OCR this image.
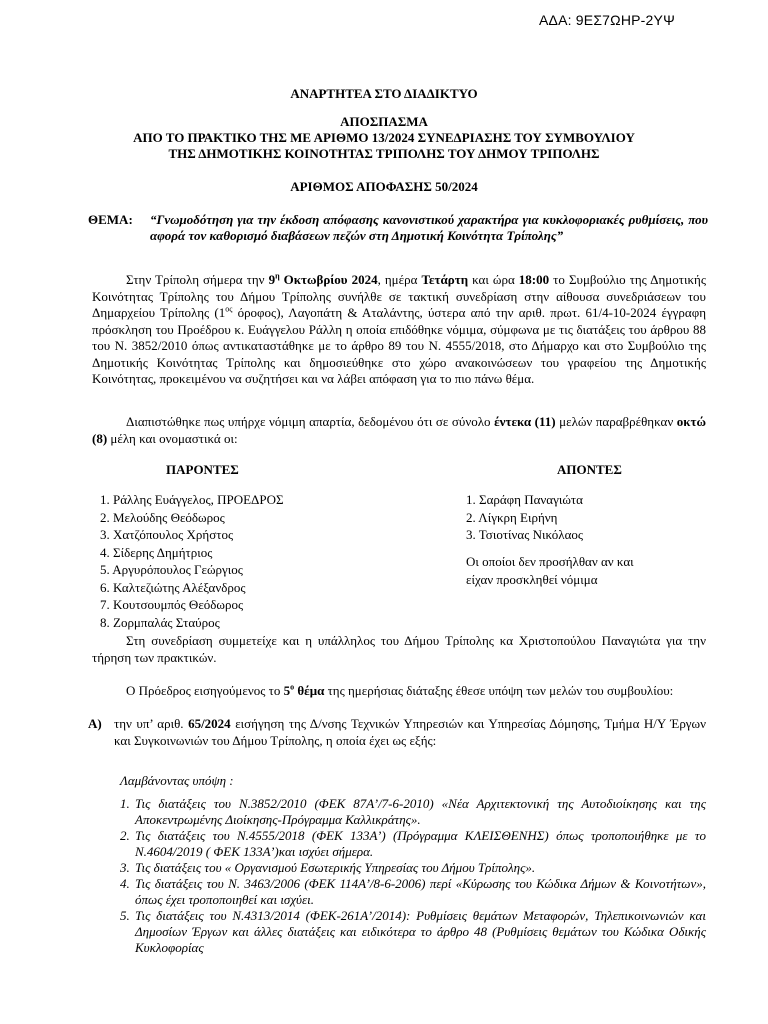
ΑΔΑ: 9ΕΣ7ΩΗΡ-2ΥΨ
ΑΝΑΡΤΗΤΕΑ ΣΤΟ ΔΙΑΔΙΚΤΥΟ
ΑΠΟΣΠΑΣΜΑ
ΑΠΟ ΤΟ ΠΡΑΚΤΙΚΟ ΤΗΣ ΜΕ ΑΡΙΘΜΟ 13/2024 ΣΥΝΕΔΡΙΑΣΗΣ ΤΟΥ ΣΥΜΒΟΥΛΙΟΥ
ΤΗΣ ΔΗΜΟΤΙΚΗΣ ΚΟΙΝΟΤΗΤΑΣ ΤΡΙΠΟΛΗΣ ΤΟΥ ΔΗΜΟΥ ΤΡΙΠΟΛΗΣ
ΑΡΙΘΜΟΣ ΑΠΟΦΑΣΗΣ 50/2024
ΘΕΜΑ: “Γνωμοδότηση για την έκδοση απόφασης κανονιστικού χαρακτήρα για κυκλοφοριακές ρυθμίσεις, που αφορά τον καθορισμό διαβάσεων πεζών στη Δημοτική Κοινότητα Τρίπολης”
Στην Τρίπολη σήμερα την $9^\eta$ Οκτωβρίου 2024, ημέρα Τετάρτη και ώρα 18:00 το Συμβούλιο της Δημοτικής Κοινότητας Τρίπολης του Δήμου Τρίπολης συνήλθε σε τακτική συνεδρίαση στην αίθουσα συνεδριάσεων του Δημαρχείου Τρίπολης ($1^{o\varsigma}$ όροφος), Λαγοπάτη & Αταλάντης, ύστερα από την αριθ. πρωτ. 61/4-10-2024 έγγραφη πρόσκληση του Προέδρου κ. Ευάγγελου Ράλλη η οποία επιδόθηκε νόμιμα, σύμφωνα με τις διατάξεις του άρθρου 88 του Ν. 3852/2010 όπως αντικαταστάθηκε με το άρθρο 89 του Ν. 4555/2018, στο Δήμαρχο και στο Συμβούλιο της Δημοτικής Κοινότητας Τρίπολης και δημοσιεύθηκε στο χώρο ανακοινώσεων του γραφείου της Δημοτικής Κοινότητας, προκειμένου να συζητήσει και να λάβει απόφαση για το πιο πάνω θέμα.
Διαπιστώθηκε πως υπήρχε νόμιμη απαρτία, δεδομένου ότι σε σύνολο έντεκα (11) μελών παραβρέθηκαν οκτώ (8) μέλη και ονομαστικά οι:
ΠΑΡΟΝΤΕΣ	ΑΠΟΝΤΕΣ
1. Ράλλης Ευάγγελος, ΠΡΟΕΔΡΟΣ
2. Μελούδης Θεόδωρος
3. Χατζόπουλος Χρήστος
4. Σίδερης Δημήτριος
5. Αργυρόπουλος Γεώργιος
6. Καλτεζιώτης Αλέξανδρος
7. Κουτσουμπός Θεόδωρος
8. Ζορμπαλάς Σταύρος
1. Σαράφη Παναγιώτα
2. Λίγκρη Ειρήνη
3. Τσιοτίνας Νικόλαος
Οι οποίοι δεν προσήλθαν αν και
είχαν προσκληθεί νόμιμα
Στη συνεδρίαση συμμετείχε και η υπάλληλος του Δήμου Τρίπολης κα Χριστοπούλου Παναγιώτα για την τήρηση των πρακτικών.
Ο Πρόεδρος εισηγούμενος το $5^o$ θέμα της ημερήσιας διάταξης έθεσε υπόψη των μελών του συμβουλίου:
Α) την υπ’ αριθ. 65/2024 εισήγηση της Δ/νσης Τεχνικών Υπηρεσιών και Υπηρεσίας Δόμησης, Τμήμα Η/Υ Έργων και Συγκοινωνιών του Δήμου Τρίπολης, η οποία έχει ως εξής:
Λαμβάνοντας υπόψη :
1. Τις διατάξεις του Ν.3852/2010 (ΦΕΚ 87Α’/7-6-2010) «Νέα Αρχιτεκτονική της Αυτοδιοίκησης και της Αποκεντρωμένης Διοίκησης-Πρόγραμμα Καλλικράτης».
2. Τις διατάξεις του Ν.4555/2018 (ΦΕΚ 133Α’) (Πρόγραμμα ΚΛΕΙΣΘΕΝΗΣ) όπως τροποποιήθηκε με το Ν.4604/2019 ( ΦΕΚ 133Α’)και ισχύει σήμερα.
3. Τις διατάξεις του « Οργανισμού Εσωτερικής Υπηρεσίας του Δήμου Τρίπολης».
4. Τις διατάξεις του Ν. 3463/2006 (ΦΕΚ 114Α’/8-6-2006) περί «Κύρωσης του Κώδικα Δήμων & Κοινοτήτων», όπως έχει τροποποιηθεί και ισχύει.
5. Τις διατάξεις του Ν.4313/2014 (ΦΕΚ-261Α’/2014): Ρυθμίσεις θεμάτων Μεταφορών, Τηλεπικοινωνιών και Δημοσίων Έργων και άλλες διατάξεις και ειδικότερα το άρθρο 48 (Ρυθμίσεις θεμάτων του Κώδικα Οδικής Κυκλοφορίας
